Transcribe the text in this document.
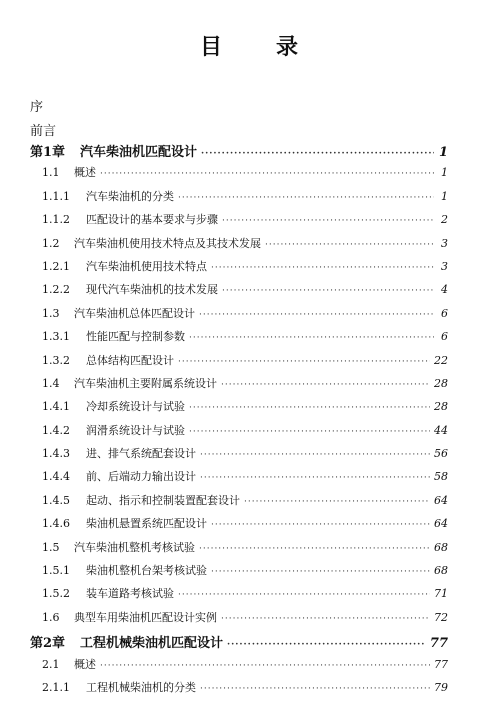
目 录
序
前言
第1章	汽车柴油机匹配设计 ·····	1
1.1	概述 ·····	1
1.1.1	汽车柴油机的分类 ·····	1
1.1.2	匹配设计的基本要求与步骤 ·····	2
1.2	汽车柴油机使用技术特点及其技术发展 ·····	3
1.2.1	汽车柴油机使用技术特点 ·····	3
1.2.2	现代汽车柴油机的技术发展 ·····	4
1.3	汽车柴油机总体匹配设计 ·····	6
1.3.1	性能匹配与控制参数 ·····	6
1.3.2	总体结构匹配设计 ·····	22
1.4	汽车柴油机主要附属系统设计 ·····	28
1.4.1	冷却系统设计与试验 ·····	28
1.4.2	润滑系统设计与试验 ·····	44
1.4.3	进、排气系统配套设计 ·····	56
1.4.4	前、后端动力输出设计 ·····	58
1.4.5	起动、指示和控制装置配套设计 ·····	64
1.4.6	柴油机悬置系统匹配设计 ·····	64
1.5	汽车柴油机整机考核试验 ·····	68
1.5.1	柴油机整机台架考核试验 ·····	68
1.5.2	装车道路考核试验 ·····	71
1.6	典型车用柴油机匹配设计实例 ·····	72
第2章	工程机械柴油机匹配设计 ·····	77
2.1	概述 ·····	77
2.1.1	工程机械柴油机的分类 ·····	79
